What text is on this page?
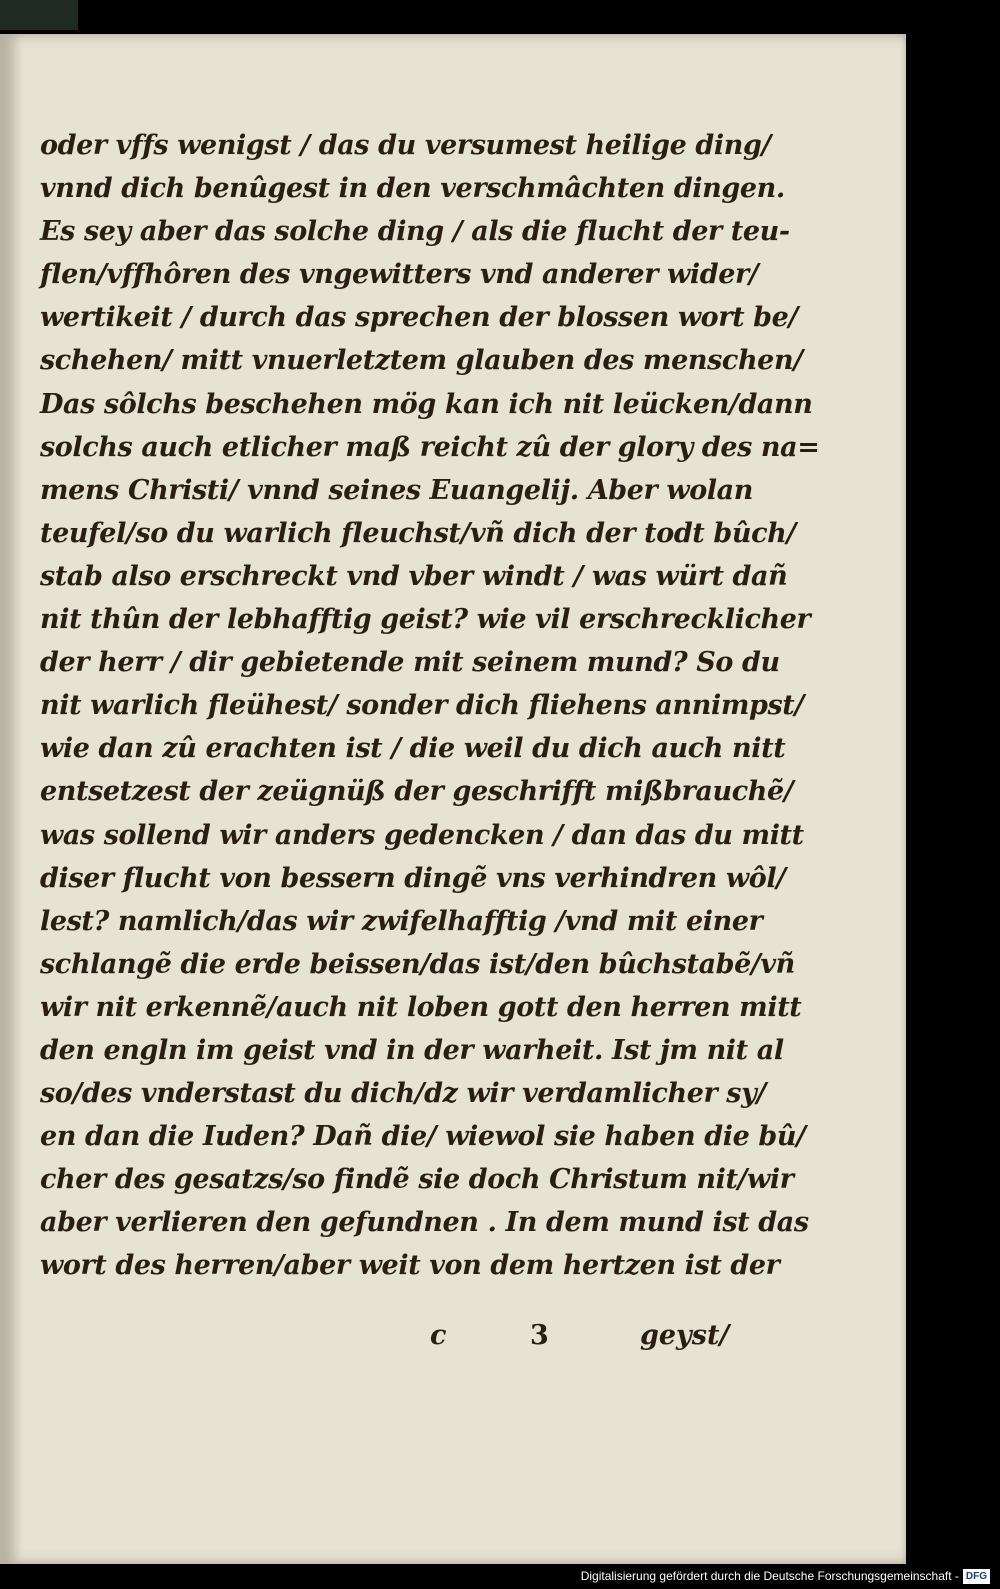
oder vffs wenigst / das du versumest heilige ding/
vnnd dich benûgest in den verschmâchten dingen.
Es sey aber das solche ding / als die flucht der teu-
flen/vffhôren des vngewitters vnd anderer wider/
wertikeit / durch das sprechen der blossen wort be/
schehen/ mitt vnuerletztem glauben des menschen/
Das sôlchs beschehen mög kan ich nit leücken/dann
solchs auch etlicher maß reicht zû der glory des na=
mens Christi/ vnnd seines Euangelij. Aber wolan
teufel/so du warlich fleuchst/vñ dich der todt bûch/
stab also erschreckt vnd vber windt / was würt dañ
nit thûn der lebhafftig geist? wie vil erschrecklicher
der herr / dir gebietende mit seinem mund? So du
nit warlich fleühest/ sonder dich fliehens annimpst/
wie dan zû erachten ist / die weil du dich auch nitt
entsetzest der zeügnüß der geschrifft mißbrauchẽ/
was sollend wir anders gedencken / dan das du mitt
diser flucht von bessern dingẽ vns verhindren wôl/
lest? namlich/das wir zwifelhafftig /vnd mit einer
schlangẽ die erde beissen/das ist/den bûchstabẽ/vñ
wir nit erkennẽ/auch nit loben gott den herren mitt
den engln im geist vnd in der warheit. Ist jm nit al
so/des vnderstast du dich/dz wir verdamlicher sy/
en dan die Iuden? Dañ die/ wiewol sie haben die bû/
cher des gesatzs/so findẽ sie doch Christum nit/wir
aber verlieren den gefundnen . In dem mund ist das
wort des herren/aber weit von dem hertzen ist der
c	3	geyst/
Digitalisierung gefördert durch die Deutsche Forschungsgemeinschaft - DFG
